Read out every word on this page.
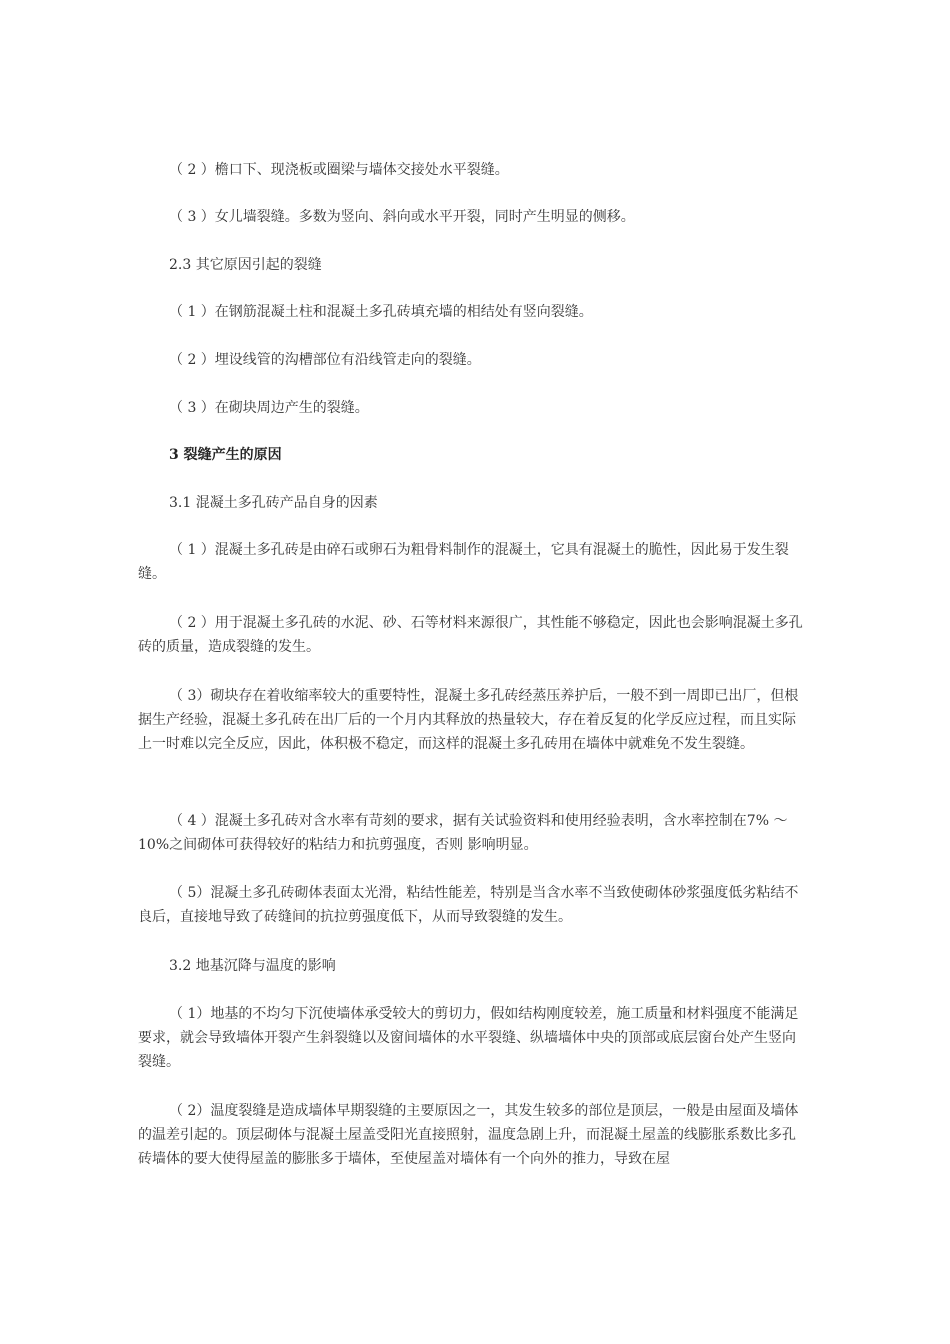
（ 2 ）檐口下、现浇板或圈梁与墙体交接处水平裂缝。

（ 3 ）女儿墙裂缝。多数为竖向、斜向或水平开裂，同时产生明显的侧移。

2.3 其它原因引起的裂缝

（ 1 ）在钢筋混凝土柱和混凝土多孔砖填充墙的相结处有竖向裂缝。

（ 2 ）埋设线管的沟槽部位有沿线管走向的裂缝。

（ 3 ）在砌块周边产生的裂缝。

3 裂缝产生的原因

3.1 混凝土多孔砖产品自身的因素

（ 1 ）混凝土多孔砖是由碎石或卵石为粗骨料制作的混凝土，它具有混凝土的脆性，因此易于发生裂缝。

（ 2 ）用于混凝土多孔砖的水泥、砂、石等材料来源很广，其性能不够稳定，因此也会影响混凝土多孔砖的质量，造成裂缝的发生。

（ 3）砌块存在着收缩率较大的重要特性，混凝土多孔砖经蒸压养护后，一般不到一周即已出厂，但根据生产经验，混凝土多孔砖在出厂后的一个月内其释放的热量较大，存在着反复的化学反应过程，而且实际上一时难以完全反应，因此，体积极不稳定，而这样的混凝土多孔砖用在墙体中就难免不发生裂缝。

（ 4 ）混凝土多孔砖对含水率有苛刻的要求，据有关试验资料和使用经验表明，含水率控制在7% ～ 10%之间砌体可获得较好的粘结力和抗剪强度，否则 影响明显。

（ 5）混凝土多孔砖砌体表面太光滑，粘结性能差，特别是当含水率不当致使砌体砂浆强度低劣粘结不良后，直接地导致了砖缝间的抗拉剪强度低下，从而导致裂缝的发生。

3.2 地基沉降与温度的影响

（ 1）地基的不均匀下沉使墙体承受较大的剪切力，假如结构刚度较差，施工质量和材料强度不能满足要求，就会导致墙体开裂产生斜裂缝以及窗间墙体的水平裂缝、纵墙墙体中央的顶部或底层窗台处产生竖向裂缝。

（ 2）温度裂缝是造成墙体早期裂缝的主要原因之一，其发生较多的部位是顶层，一般是由屋面及墙体的温差引起的。顶层砌体与混凝土屋盖受阳光直接照射，温度急剧上升，而混凝土屋盖的线膨胀系数比多孔砖墙体的要大使得屋盖的膨胀多于墙体，至使屋盖对墙体有一个向外的推力，导致在屋
